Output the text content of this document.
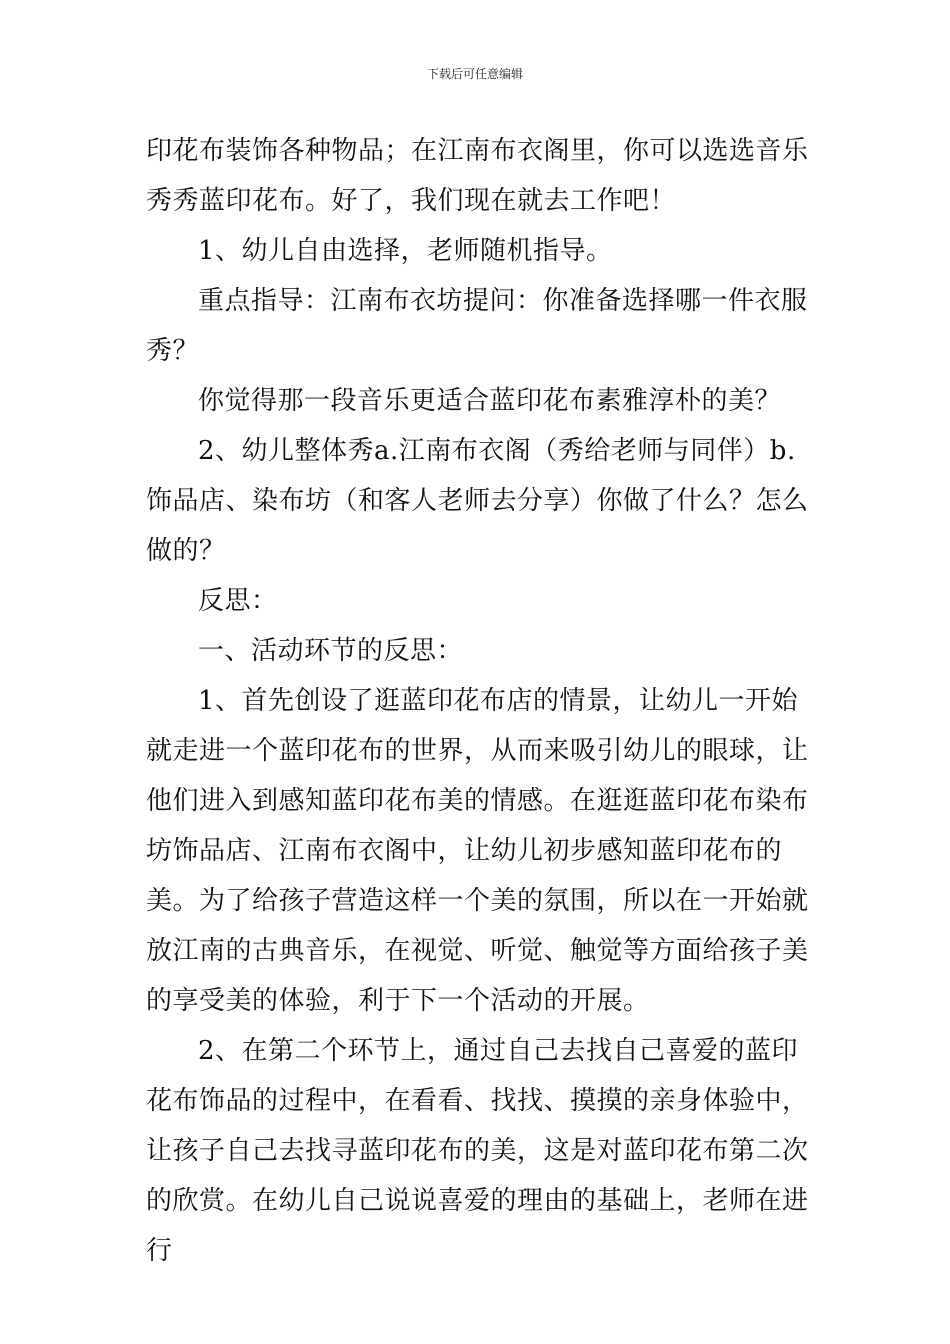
下载后可任意编辑

印花布装饰各种物品；在江南布衣阁里，你可以选选音乐秀秀蓝印花布。好了，我们现在就去工作吧！

1、幼儿自由选择，老师随机指导。

重点指导：江南布衣坊提问：你准备选择哪一件衣服秀？

你觉得那一段音乐更适合蓝印花布素雅淳朴的美？

2、幼儿整体秀a.江南布衣阁（秀给老师与同伴）b.饰品店、染布坊（和客人老师去分享）你做了什么？怎么做的？

反思：

一、活动环节的反思：

1、首先创设了逛蓝印花布店的情景，让幼儿一开始就走进一个蓝印花布的世界，从而来吸引幼儿的眼球，让他们进入到感知蓝印花布美的情感。在逛逛蓝印花布染布坊饰品店、江南布衣阁中，让幼儿初步感知蓝印花布的美。为了给孩子营造这样一个美的氛围，所以在一开始就放江南的古典音乐，在视觉、听觉、触觉等方面给孩子美的享受美的体验，利于下一个活动的开展。

2、在第二个环节上，通过自己去找自己喜爱的蓝印花布饰品的过程中，在看看、找找、摸摸的亲身体验中，让孩子自己去找寻蓝印花布的美，这是对蓝印花布第二次的欣赏。在幼儿自己说说喜爱的理由的基础上，老师在进行
